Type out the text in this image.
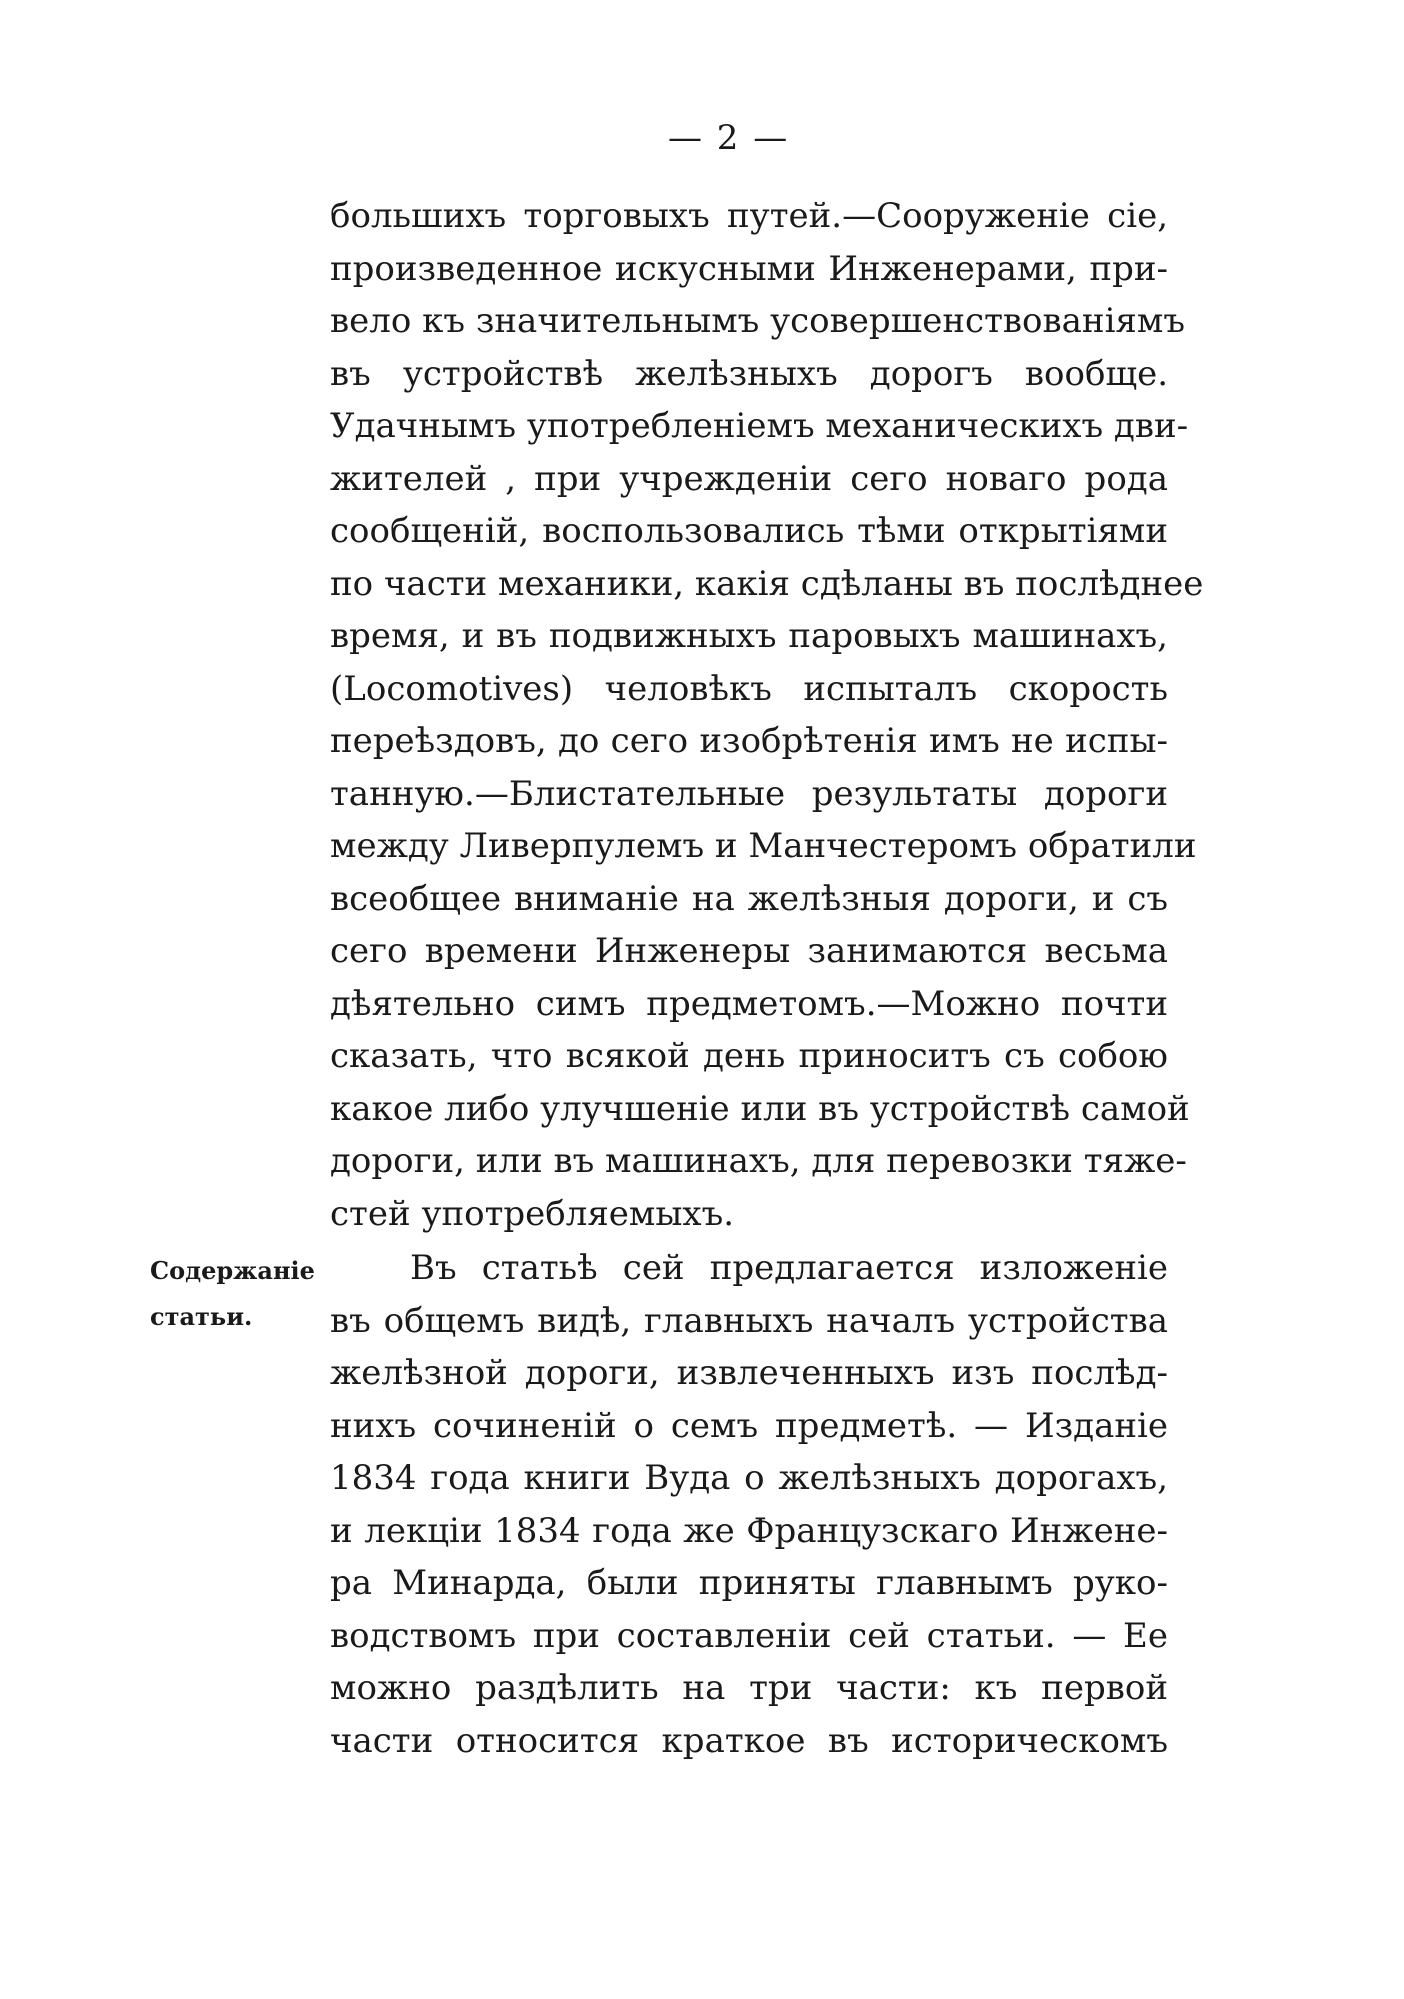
— 2 —
большихъ торговыхъ путей.—Сооруженіе сіе,
произведенное искусными Инженерами, при-
вело къ значительнымъ усовершенствованіямъ
въ устройствѣ желѣзныхъ дорогъ вообще.
Удачнымъ употребленіемъ механическихъ дви-
жителей , при учрежденіи сего новаго рода
сообщеній, воспользовались тѣми открытіями
по части механики, какія сдѣланы въ послѣднее
время, и въ подвижныхъ паровыхъ машинахъ,
(Locomotives) человѣкъ испыталъ скорость
переѣздовъ, до сего изобрѣтенія имъ не испы-
танную.—Блистательные результаты дороги
между Ливерпулемъ и Манчестеромъ обратили
всеобщее вниманіе на желѣзныя дороги, и съ
сего времени Инженеры занимаются весьма
дѣятельно симъ предметомъ.—Можно почти
сказать, что всякой день приноситъ съ собою
какое либо улучшеніе или въ устройствѣ самой
дороги, или въ машинахъ, для перевозки тяже-
стей употребляемыхъ.
Содержаніе
статьи.
Въ статьѣ сей предлагается изложеніе
въ общемъ видѣ, главныхъ началъ устройства
желѣзной дороги, извлеченныхъ изъ послѣд-
нихъ сочиненій о семъ предметѣ. — Изданіе
1834 года книги Вуда о желѣзныхъ дорогахъ,
и лекціи 1834 года же Французскаго Инжене-
ра Минарда, были приняты главнымъ руко-
водствомъ при составленіи сей статьи. — Ее
можно раздѣлить на три части: къ первой
части относится краткое въ историческомъ
